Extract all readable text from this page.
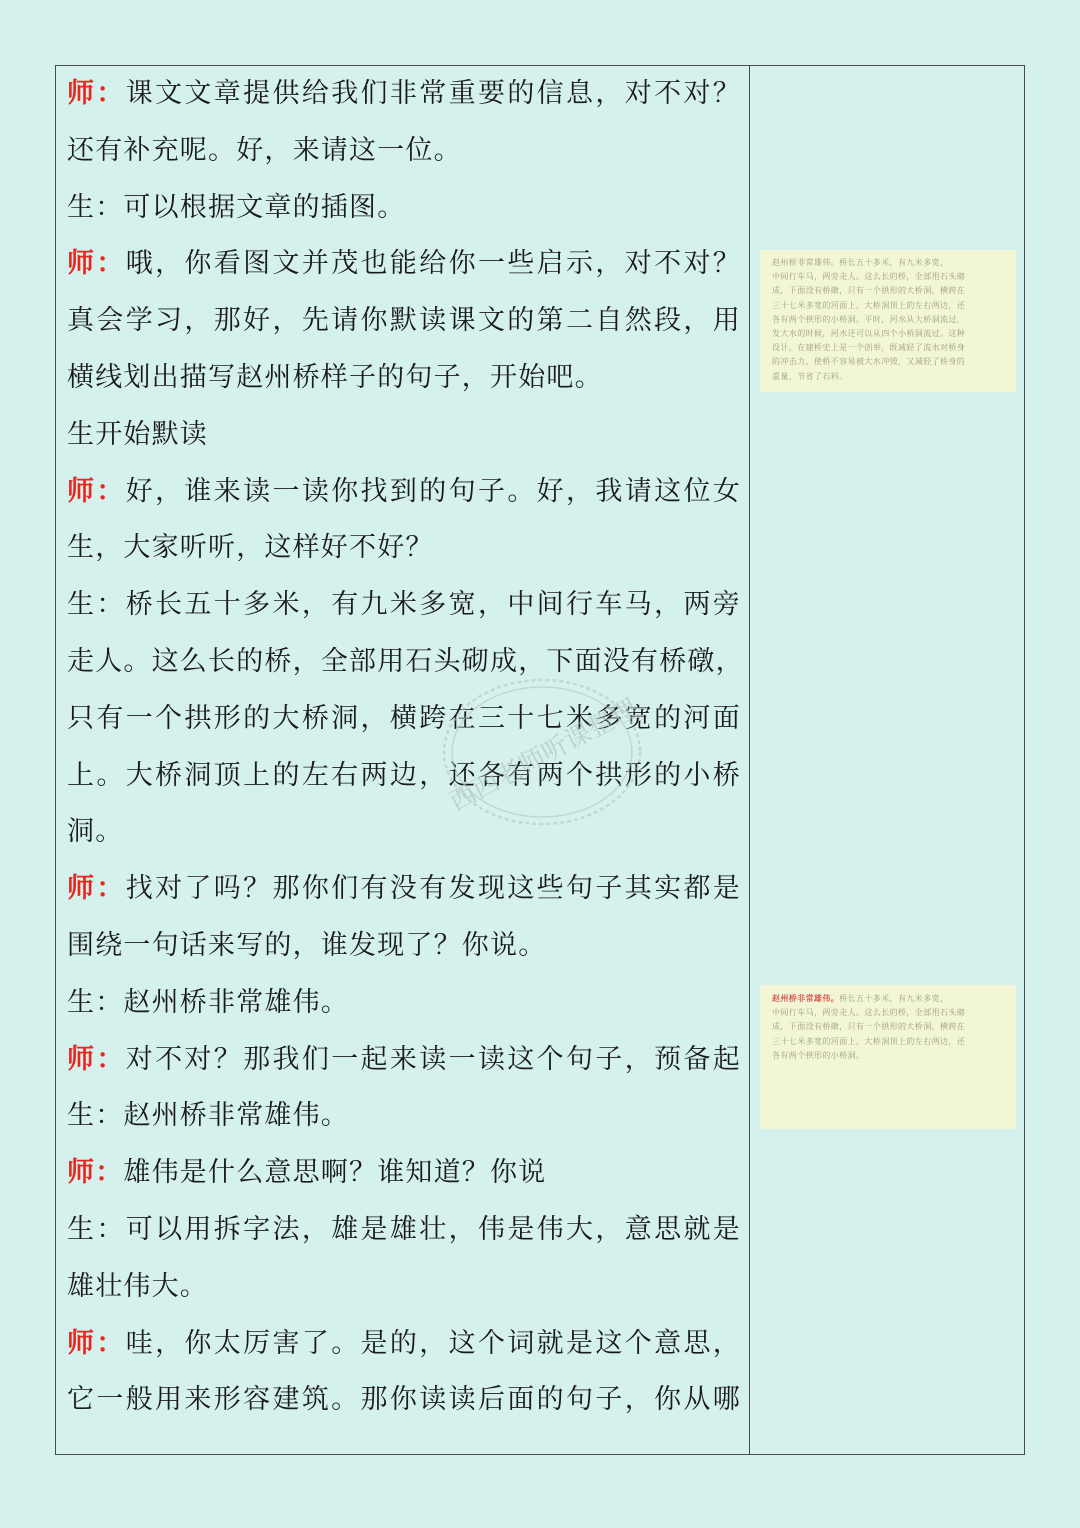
师：课文文章提供给我们非常重要的信息，对不对？
还有补充呢。好，来请这一位。
生：可以根据文章的插图。
师：哦，你看图文并茂也能给你一些启示，对不对？
真会学习，那好，先请你默读课文的第二自然段，用
横线划出描写赵州桥样子的句子，开始吧。
生开始默读
师：好，谁来读一读你找到的句子。好，我请这位女
生，大家听听，这样好不好？
生：桥长五十多米，有九米多宽，中间行车马，两旁
走人。这么长的桥，全部用石头砌成，下面没有桥礅，
只有一个拱形的大桥洞，横跨在三十七米多宽的河面
上。大桥洞顶上的左右两边，还各有两个拱形的小桥
洞。
师：找对了吗？那你们有没有发现这些句子其实都是
围绕一句话来写的，谁发现了？你说。
生：赵州桥非常雄伟。
师：对不对？那我们一起来读一读这个句子，预备起
生：赵州桥非常雄伟。
师：雄伟是什么意思啊？谁知道？你说
生：可以用拆字法，雄是雄壮，伟是伟大，意思就是
雄壮伟大。
师：哇，你太厉害了。是的，这个词就是这个意思，
它一般用来形容建筑。那你读读后面的句子，你从哪

赵州桥非常雄伟。桥长五十多米，有九米多宽，

中间行车马，两旁走人。这么长的桥，全部用石头砌

成，下面没有桥礅，只有一个拱形的大桥洞，横跨在

三十七米多宽的河面上。大桥洞顶上的左右两边，还

各有两个拱形的小桥洞。平时，河水从大桥洞流过，

发大水的时候，河水还可以从四个小桥洞流过。这种

设计，在建桥史上是一个创举，既减轻了流水对桥身

的冲击力，使桥不容易被大水冲毁，又减轻了桥身的

重量，节省了石料。

赵州桥非常雄伟。桥长五十多米，有九米多宽，

中间行车马，两旁走人。这么长的桥，全部用石头砌

成，下面没有桥礅，只有一个拱形的大桥洞，横跨在

三十七米多宽的河面上。大桥洞顶上的左右两边，还

各有两个拱形的小桥洞。

西西老师听课整理
